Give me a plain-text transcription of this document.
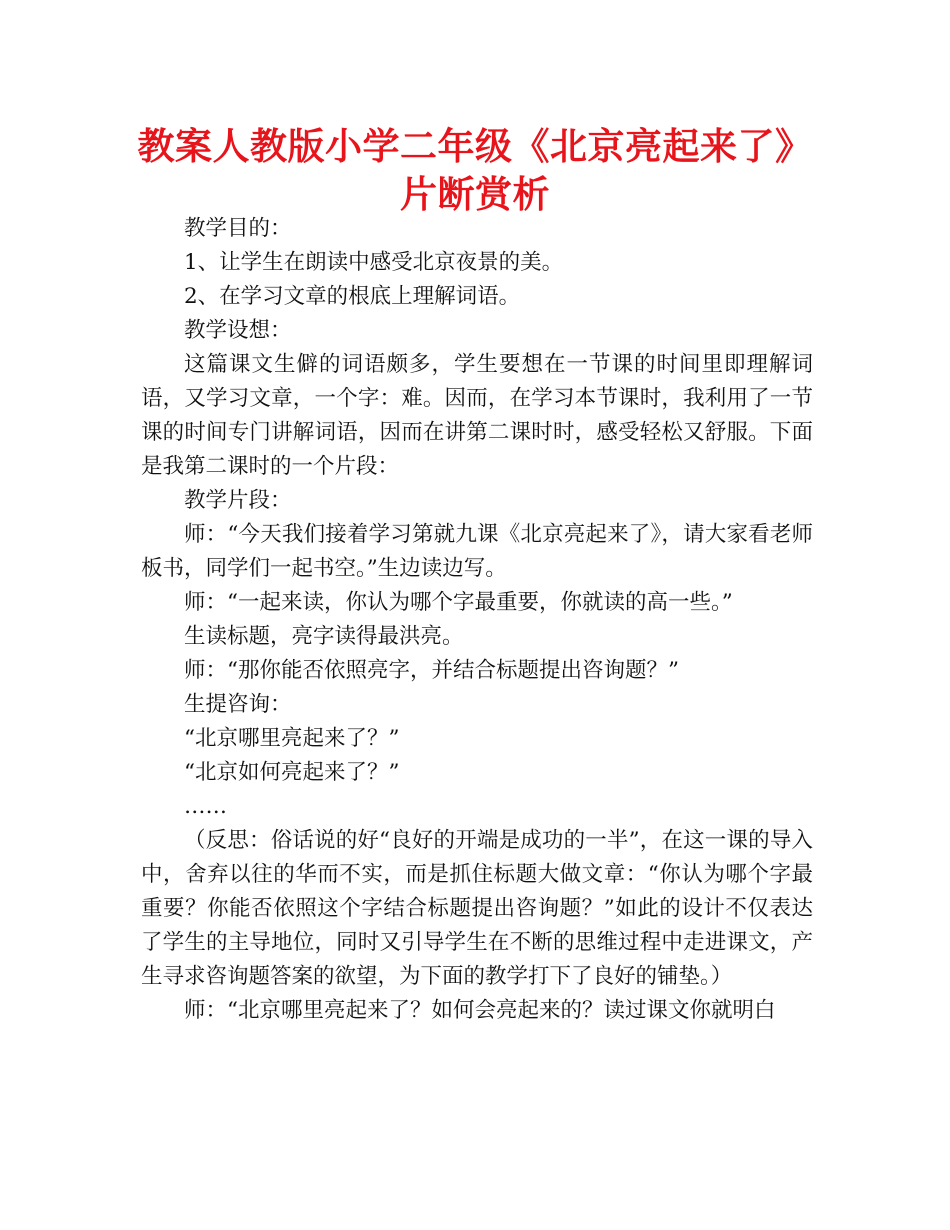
教案人教版小学二年级《北京亮起来了》
片断赏析

教学目的：

1、让学生在朗读中感受北京夜景的美。

2、在学习文章的根底上理解词语。

教学设想：

这篇课文生僻的词语颇多，学生要想在一节课的时间里即理解词语，又学习文章，一个字：难。因而，在学习本节课时，我利用了一节课的时间专门讲解词语，因而在讲第二课时时，感受轻松又舒服。下面是我第二课时的一个片段：

教学片段：

师：“今天我们接着学习第就九课《北京亮起来了》，请大家看老师板书，同学们一起书空。”生边读边写。

师：“一起来读，你认为哪个字最重要，你就读的高一些。”

生读标题，亮字读得最洪亮。

师：“那你能否依照亮字，并结合标题提出咨询题？”

生提咨询：

“北京哪里亮起来了？”

“北京如何亮起来了？”

……

（反思：俗话说的好“良好的开端是成功的一半”，在这一课的导入中，舍弃以往的华而不实，而是抓住标题大做文章：“你认为哪个字最重要？你能否依照这个字结合标题提出咨询题？”如此的设计不仅表达了学生的主导地位，同时又引导学生在不断的思维过程中走进课文，产生寻求咨询题答案的欲望，为下面的教学打下了良好的铺垫。）

师：“北京哪里亮起来了？如何会亮起来的？读过课文你就明白
